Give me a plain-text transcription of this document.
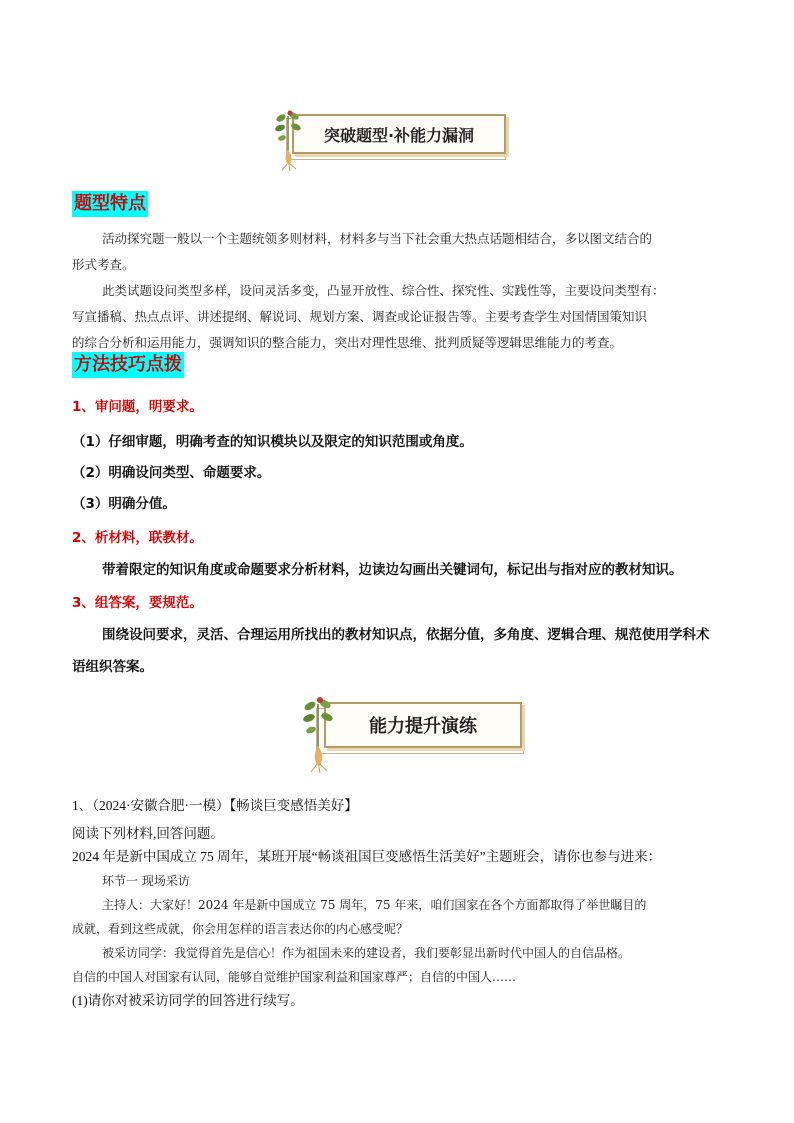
突破题型·补能力漏洞
题型特点
活动探究题一般以一个主题统领多则材料，材料多与当下社会重大热点话题相结合，多以图文结合的
形式考查。
此类试题设问类型多样，设问灵活多变，凸显开放性、综合性、探究性、实践性等，主要设问类型有：
写宣播稿、热点点评、讲述提纲、解说词、规划方案、调查或论证报告等。主要考查学生对国情国策知识
的综合分析和运用能力，强调知识的整合能力，突出对理性思维、批判质疑等逻辑思维能力的考查。
方法技巧点拨
1、审问题，明要求。
（1）仔细审题，明确考查的知识模块以及限定的知识范围或角度。
（2）明确设问类型、命题要求。
（3）明确分值。
2、析材料，联教材。
带着限定的知识角度或命题要求分析材料，边读边勾画出关键词句，标记出与指对应的教材知识。
3、组答案，要规范。
围绕设问要求，灵活、合理运用所找出的教材知识点，依据分值，多角度、逻辑合理、规范使用学科术
语组织答案。
能力提升演练
1、（2024·安徽合肥·一模）【畅谈巨变感悟美好】
阅读下列材料,回答问题。
2024 年是新中国成立 75 周年，某班开展“畅谈祖国巨变感悟生活美好”主题班会，请你也参与进来：
环节一 现场采访
主持人：大家好！2024 年是新中国成立 75 周年，75 年来，咱们国家在各个方面都取得了举世瞩目的
成就，看到这些成就，你会用怎样的语言表达你的内心感受呢？
被采访同学：我觉得首先是信心！作为祖国未来的建设者，我们要彰显出新时代中国人的自信品格。
自信的中国人对国家有认同，能够自觉维护国家利益和国家尊严；自信的中国人……
(1)请你对被采访同学的回答进行续写。
